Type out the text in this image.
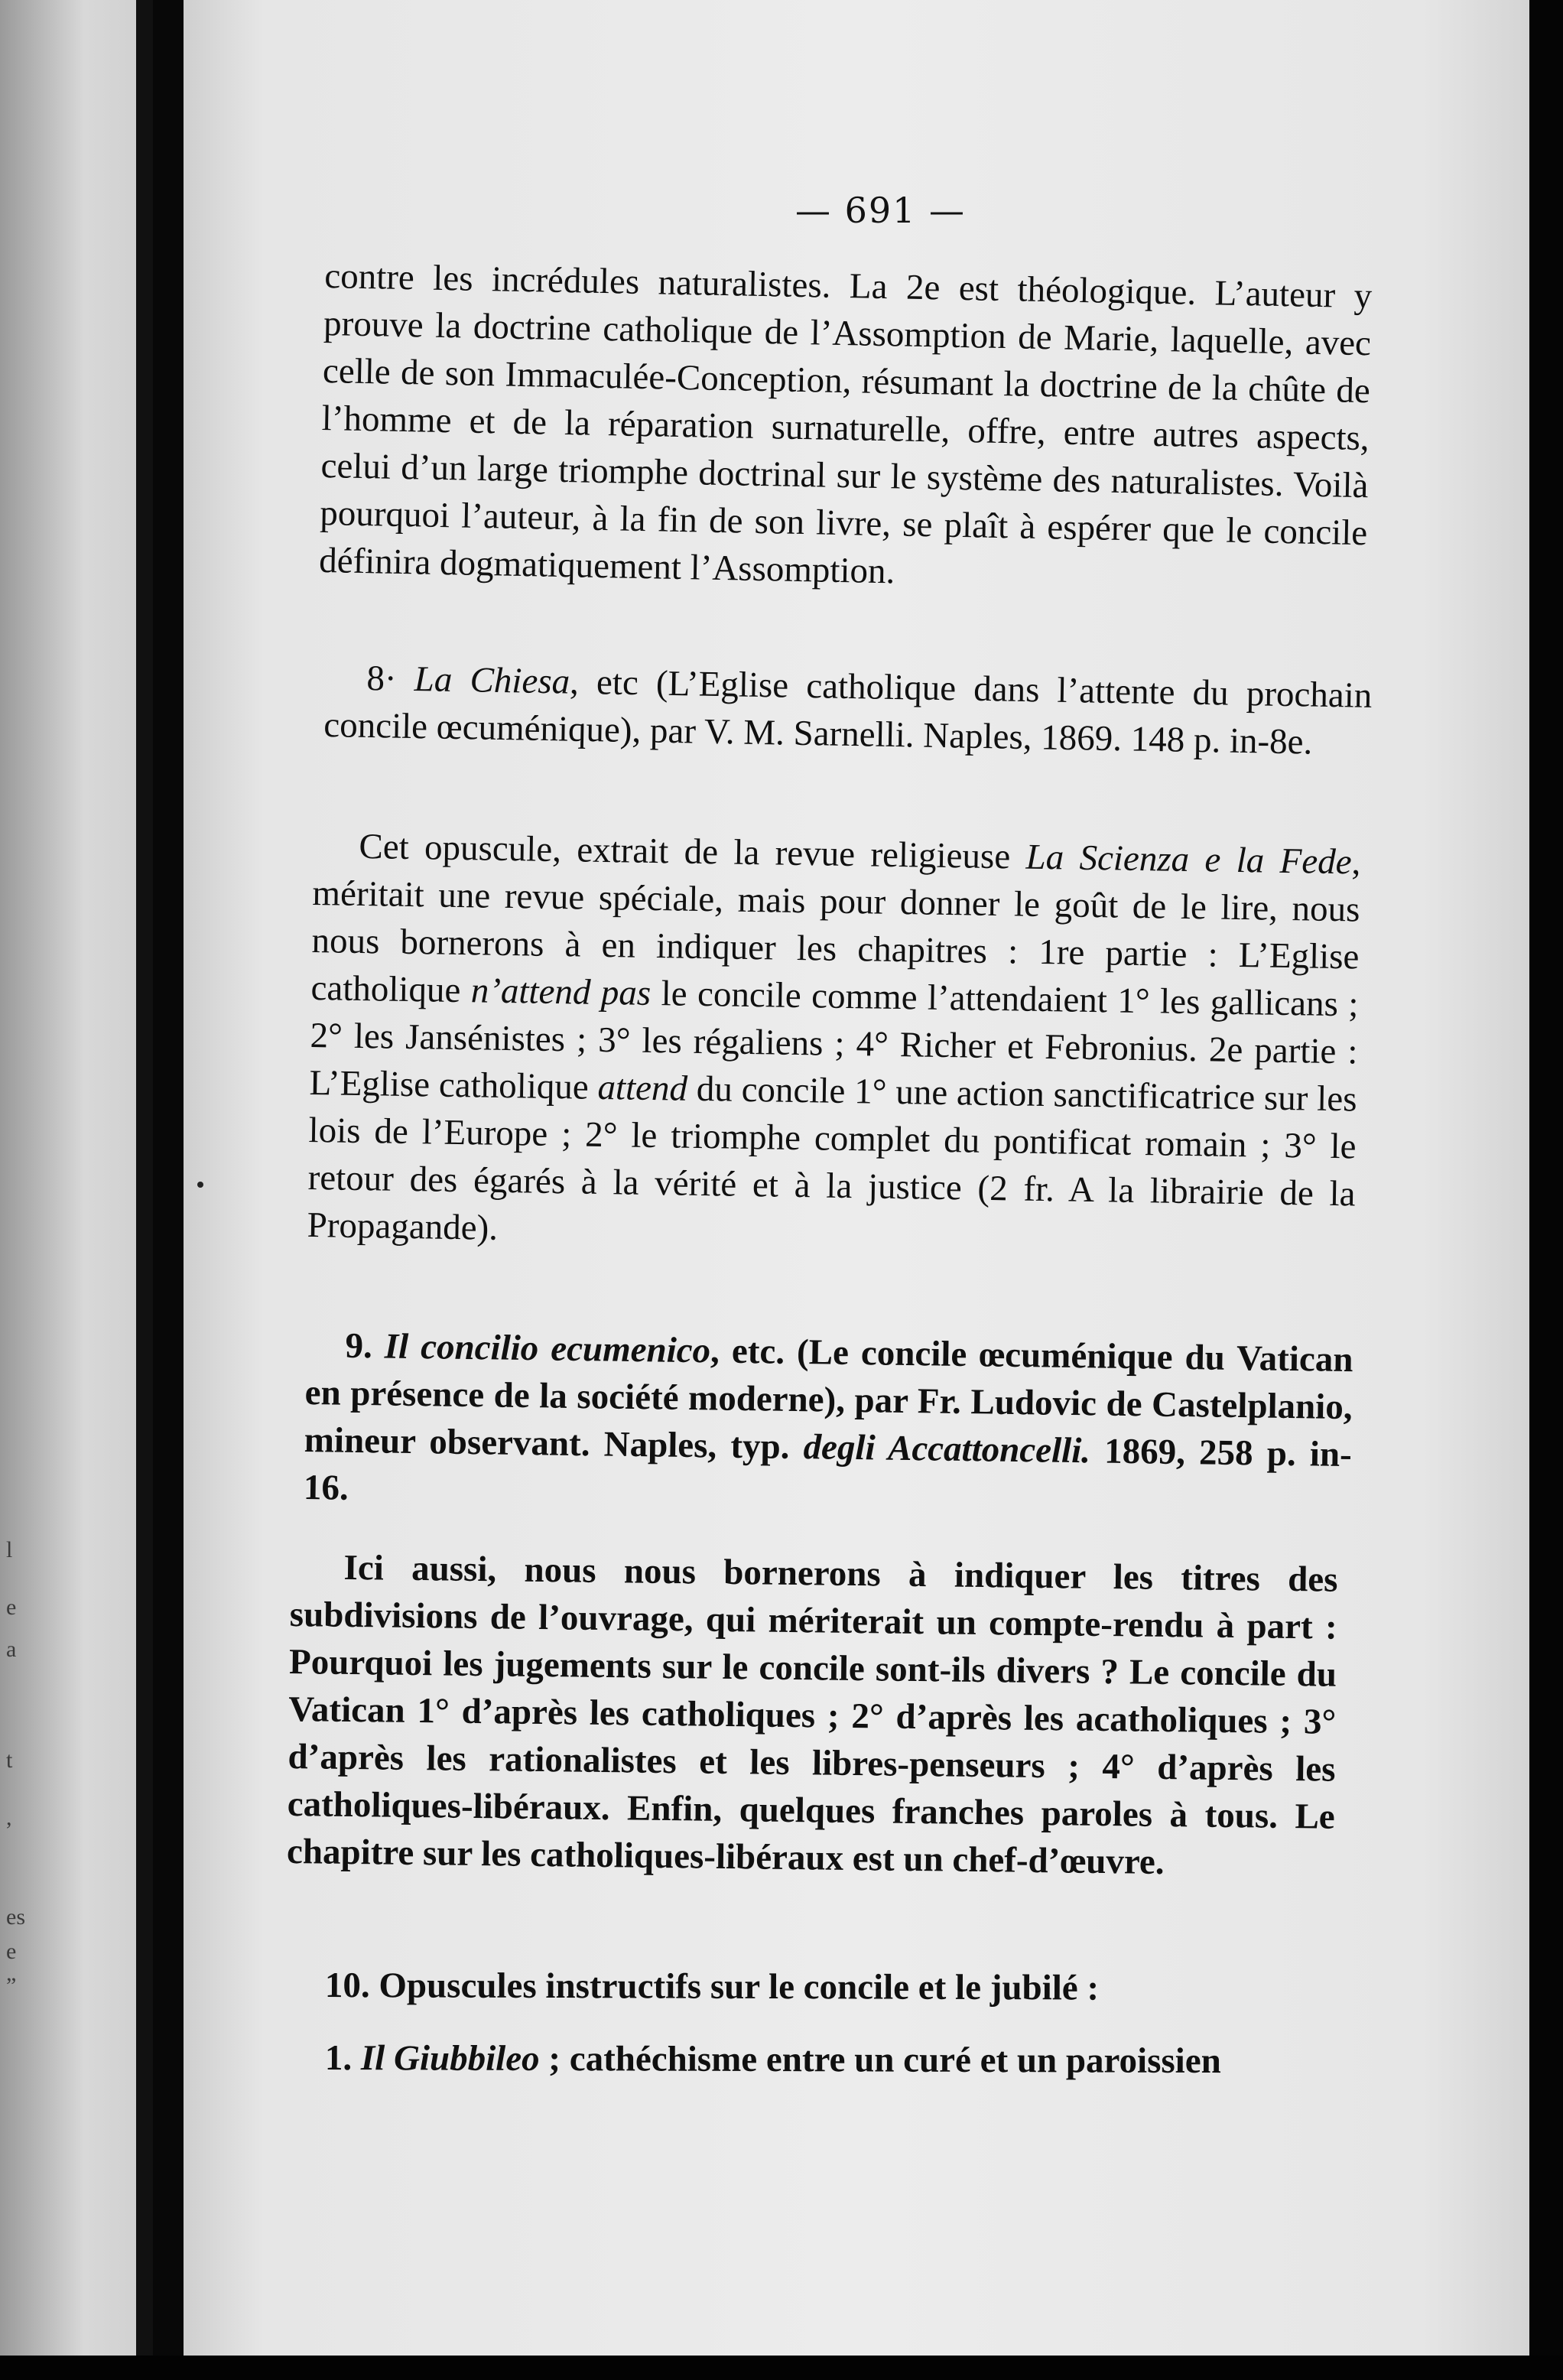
l
e
a
t
,
es
e
”
— 691 —

contre les incrédules naturalistes. La 2e est théologique. L’auteur y prouve la doctrine catholique de l’Assomption de Marie, laquelle, avec celle de son Immaculée-Conception, résumant la doctrine de la chûte de l’homme et de la réparation surnaturelle, offre, entre autres aspects, celui d’un large triomphe doctrinal sur le système des naturalistes. Voilà pourquoi l’auteur, à la fin de son livre, se plaît à espérer que le concile définira dogmatiquement l’Assomption.

8· La Chiesa, etc (L’Eglise catholique dans l’attente du prochain concile œcuménique), par V. M. Sarnelli. Naples, 1869. 148 p. in-8e.

Cet opuscule, extrait de la revue religieuse La Scienza e la Fede, méritait une revue spéciale, mais pour donner le goût de le lire, nous nous bornerons à en indiquer les chapitres : 1re partie : L’Eglise catholique n’attend pas le concile comme l’attendaient 1° les gallicans ; 2° les Jansénistes ; 3° les régaliens ; 4° Richer et Febronius. 2e partie : L’Eglise catholique attend du concile 1° une action sanctificatrice sur les lois de l’Europe ; 2° le triomphe complet du pontificat romain ; 3° le retour des égarés à la vérité et à la justice (2 fr. A la librairie de la Propagande).

9. Il concilio ecumenico, etc. (Le concile œcuménique du Vatican en présence de la société moderne), par Fr. Ludovic de Castelplanio, mineur observant. Naples, typ. degli Accattoncelli. 1869, 258 p. in-16.

Ici aussi, nous nous bornerons à indiquer les titres des subdivisions de l’ouvrage, qui mériterait un compte-rendu à part : Pourquoi les jugements sur le concile sont-ils divers ? Le concile du Vatican 1° d’après les catholiques ; 2° d’après les acatholiques ; 3° d’après les rationalistes et les libres-penseurs ; 4° d’après les catholiques-libéraux. Enfin, quelques franches paroles à tous. Le chapitre sur les catholiques-libéraux est un chef-d’œuvre.

10. Opuscules instructifs sur le concile et le jubilé :

1. Il Giubbileo ; cathéchisme entre un curé et un paroissien
